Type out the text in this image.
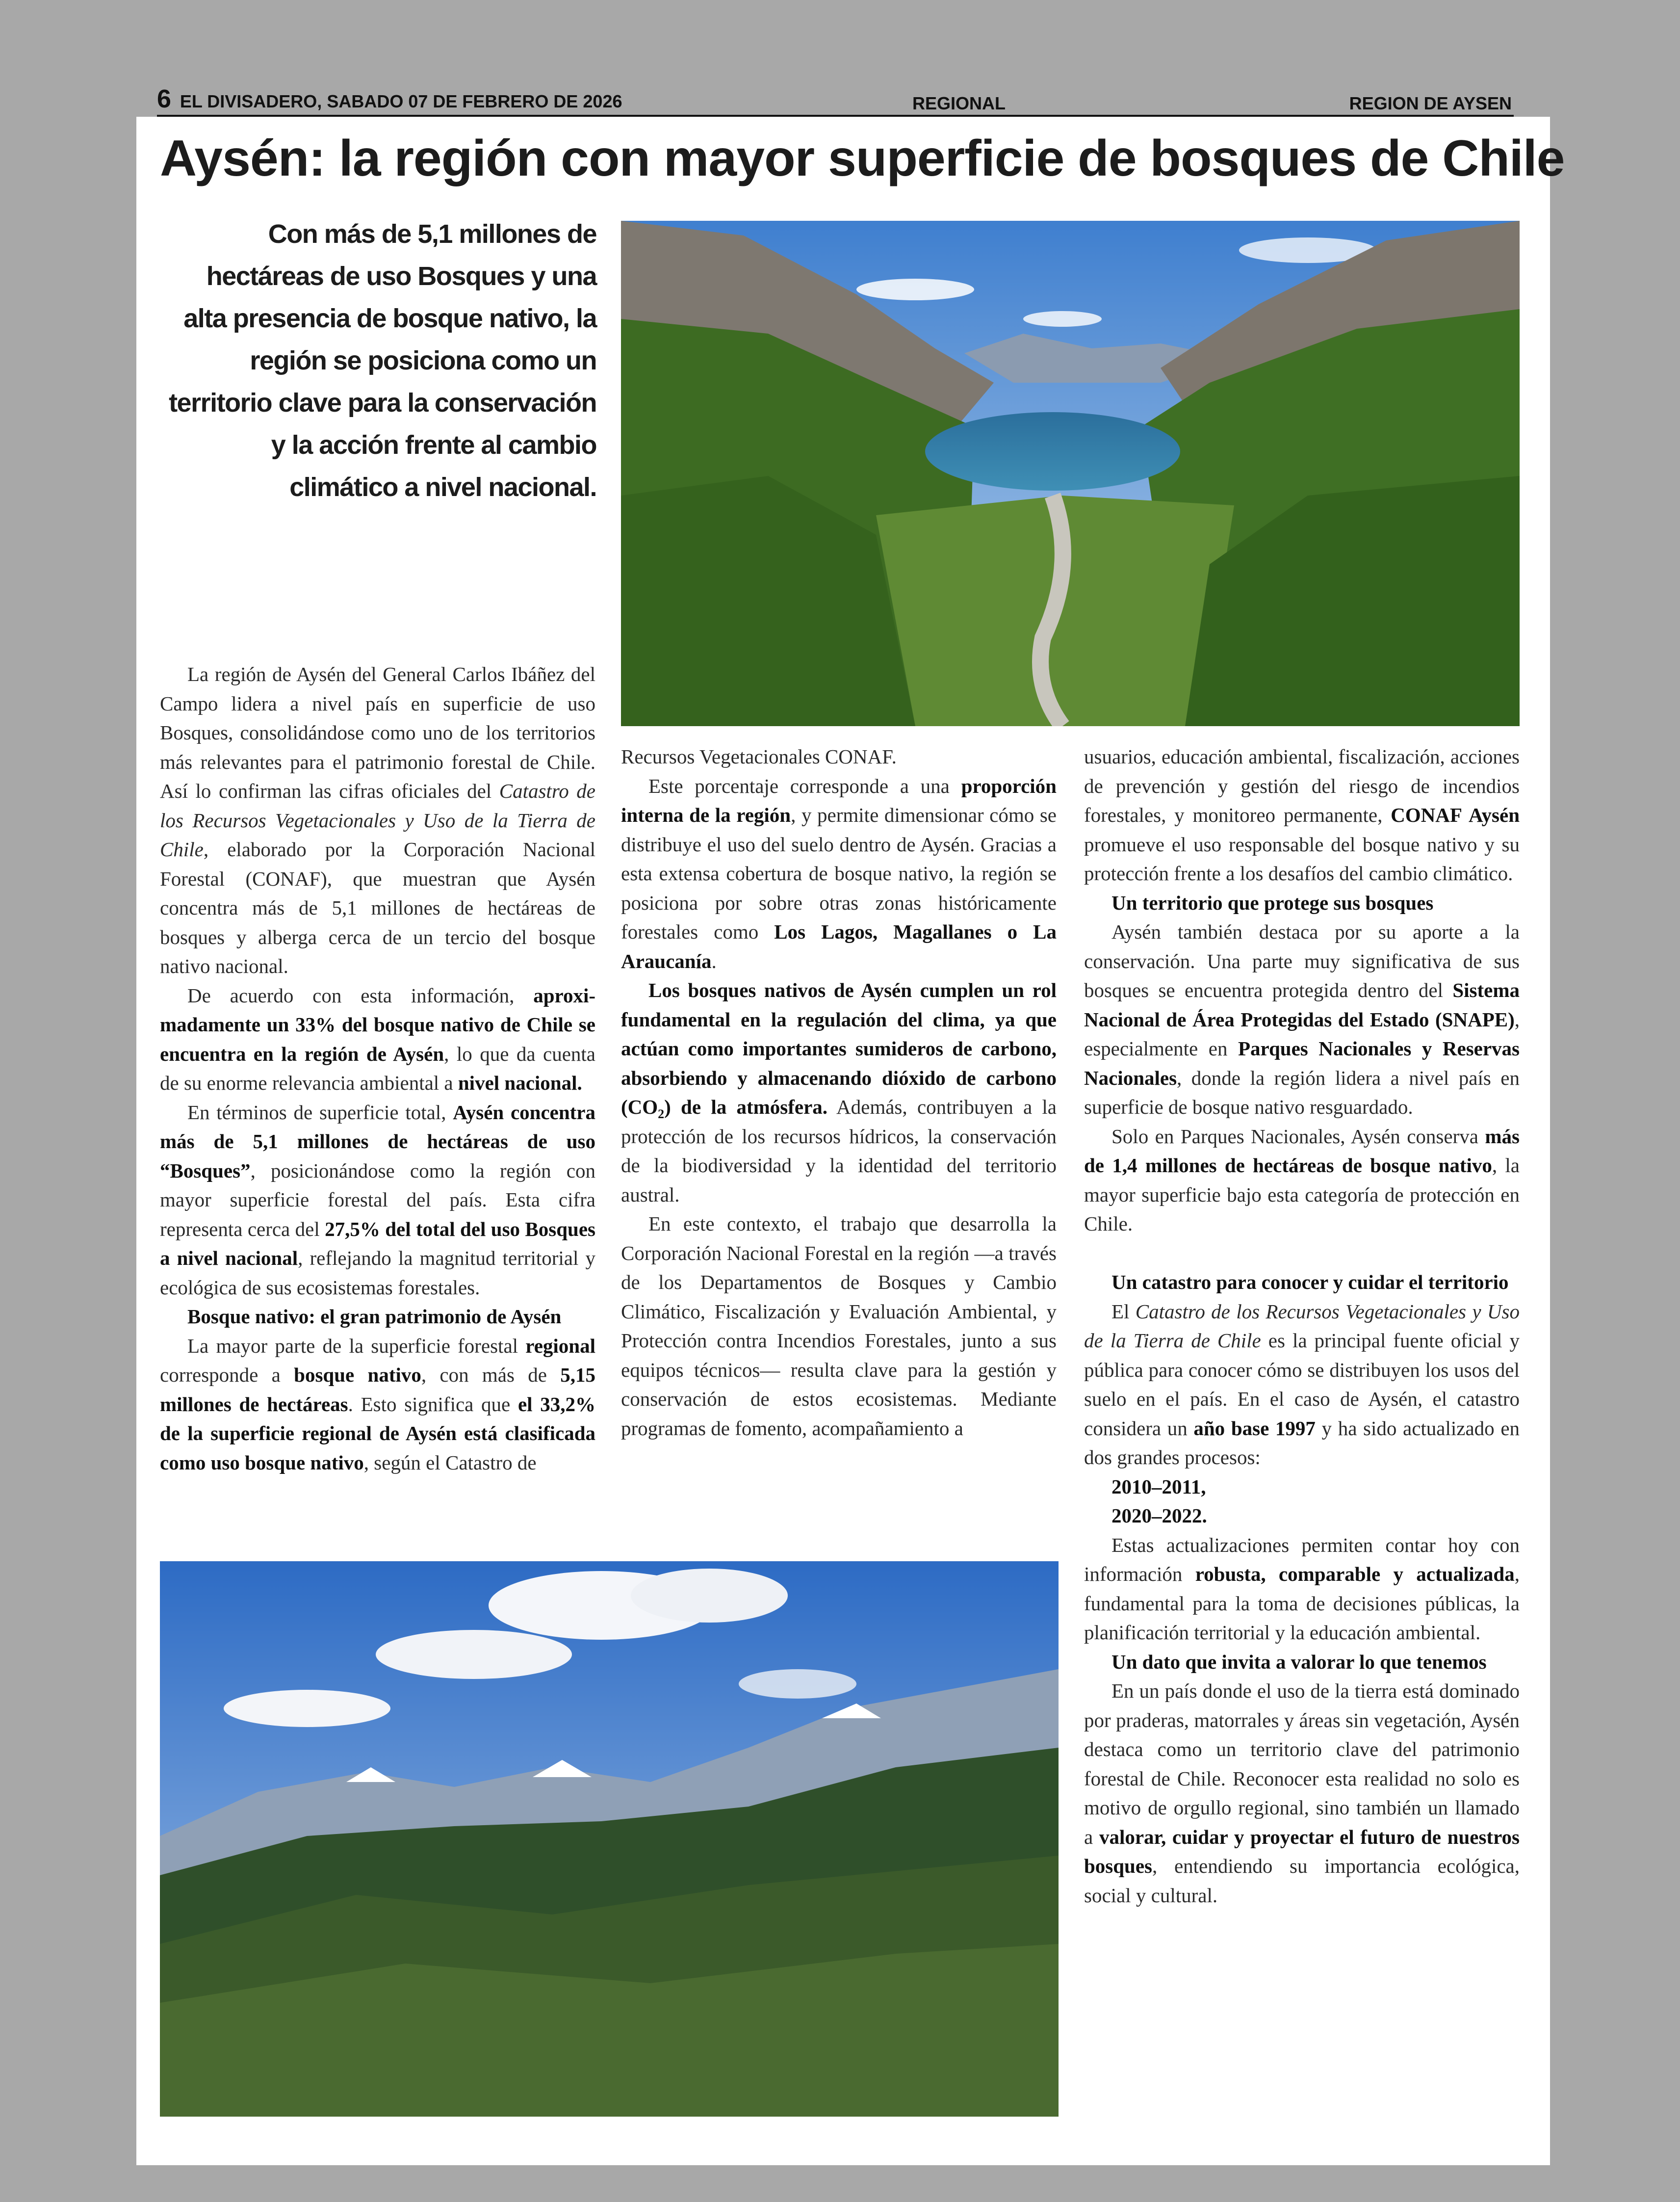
6 EL DIVISADERO, SABADO 07 DE FEBRERO DE 2026	REGIONAL	REGION DE AYSEN
Aysén: la región con mayor superficie de bosques de Chile
Con más de 5,1 millones de hectáreas de uso Bosques y una alta presencia de bosque nativo, la región se posiciona como un territorio clave para la conservación y la acción frente al cambio climático a nivel nacional.

La región de Aysén del General Carlos Ibáñez del Campo lidera a nivel país en superficie de uso Bosques, consolidándose como uno de los territorios más relevantes para el patrimonio forestal de Chile. Así lo confirman las cifras oficiales del Catastro de los Recursos Vegetacionales y Uso de la Tierra de Chile, elaborado por la Corporación Nacional Forestal (CONAF), que muestran que Aysén concentra más de 5,1 millones de hectáreas de bosques y alberga cerca de un tercio del bosque nativo nacional.

De acuerdo con esta información, aproximadamente un 33% del bosque nativo de Chile se encuentra en la región de Aysén, lo que da cuenta de su enorme relevancia ambiental a nivel nacional.

En términos de superficie total, Aysén concentra más de 5,1 millones de hectáreas de uso “Bosques”, posicionándose como la región con mayor superficie forestal del país. Esta cifra representa cerca del 27,5% del total del uso Bosques a nivel nacional, reflejando la magnitud territorial y ecológica de sus ecosistemas forestales.

Bosque nativo: el gran patrimonio de Aysén

La mayor parte de la superficie forestal regional corresponde a bosque nativo, con más de 5,15 millones de hectáreas. Esto significa que el 33,2% de la superficie regional de Aysén está clasificada como uso bosque nativo, según el Catastro de

Recursos Vegetacionales CONAF.

Este porcentaje corresponde a una proporción interna de la región, y permite dimensionar cómo se distribuye el uso del suelo dentro de Aysén. Gracias a esta extensa cobertura de bosque nativo, la región se posiciona por sobre otras zonas históricamente forestales como Los Lagos, Magallanes o La Araucanía.

Los bosques nativos de Aysén cumplen un rol fundamental en la regulación del clima, ya que actúan como importantes sumideros de carbono, absorbiendo y almacenando dióxido de carbono $(CO_2)$ de la atmósfera. Además, contribuyen a la protección de los recursos hídricos, la conservación de la biodiversidad y la identidad del territorio austral.

En este contexto, el trabajo que desarrolla la Corporación Nacional Forestal en la región —a través de los Departamentos de Bosques y Cambio Climático, Fiscalización y Evaluación Ambiental, y Protección contra Incendios Forestales, junto a sus equipos técnicos— resulta clave para la gestión y conservación de estos ecosistemas. Mediante programas de fomento, acompañamiento a

usuarios, educación ambiental, fiscalización, acciones de prevención y gestión del riesgo de incendios forestales, y monitoreo permanente, CONAF Aysén promueve el uso responsable del bosque nativo y su protección frente a los desafíos del cambio climático.

Un territorio que protege sus bosques

Aysén también destaca por su aporte a la conservación. Una parte muy significativa de sus bosques se encuentra protegida dentro del Sistema Nacional de Área Protegidas del Estado (SNAPE), especialmente en Parques Nacionales y Reservas Nacionales, donde la región lidera a nivel país en superficie de bosque nativo resguardado.

Solo en Parques Nacionales, Aysén conserva más de 1,4 millones de hectáreas de bosque nativo, la mayor superficie bajo esta categoría de protección en Chile.

Un catastro para conocer y cuidar el territorio

El Catastro de los Recursos Vegetacionales y Uso de la Tierra de Chile es la principal fuente oficial y pública para conocer cómo se distribuyen los usos del suelo en el país. En el caso de Aysén, el catastro considera un año base 1997 y ha sido actualizado en dos grandes procesos:

2010–2011,
2020–2022.

Estas actualizaciones permiten contar hoy con información robusta, comparable y actualizada, fundamental para la toma de decisiones públicas, la planificación territorial y la educación ambiental.

Un dato que invita a valorar lo que tenemos

En un país donde el uso de la tierra está dominado por praderas, matorrales y áreas sin vegetación, Aysén destaca como un territorio clave del patrimonio forestal de Chile. Reconocer esta realidad no solo es motivo de orgullo regional, sino también un llamado a valorar, cuidar y proyectar el futuro de nuestros bosques, entendiendo su importancia ecológica, social y cultural.
